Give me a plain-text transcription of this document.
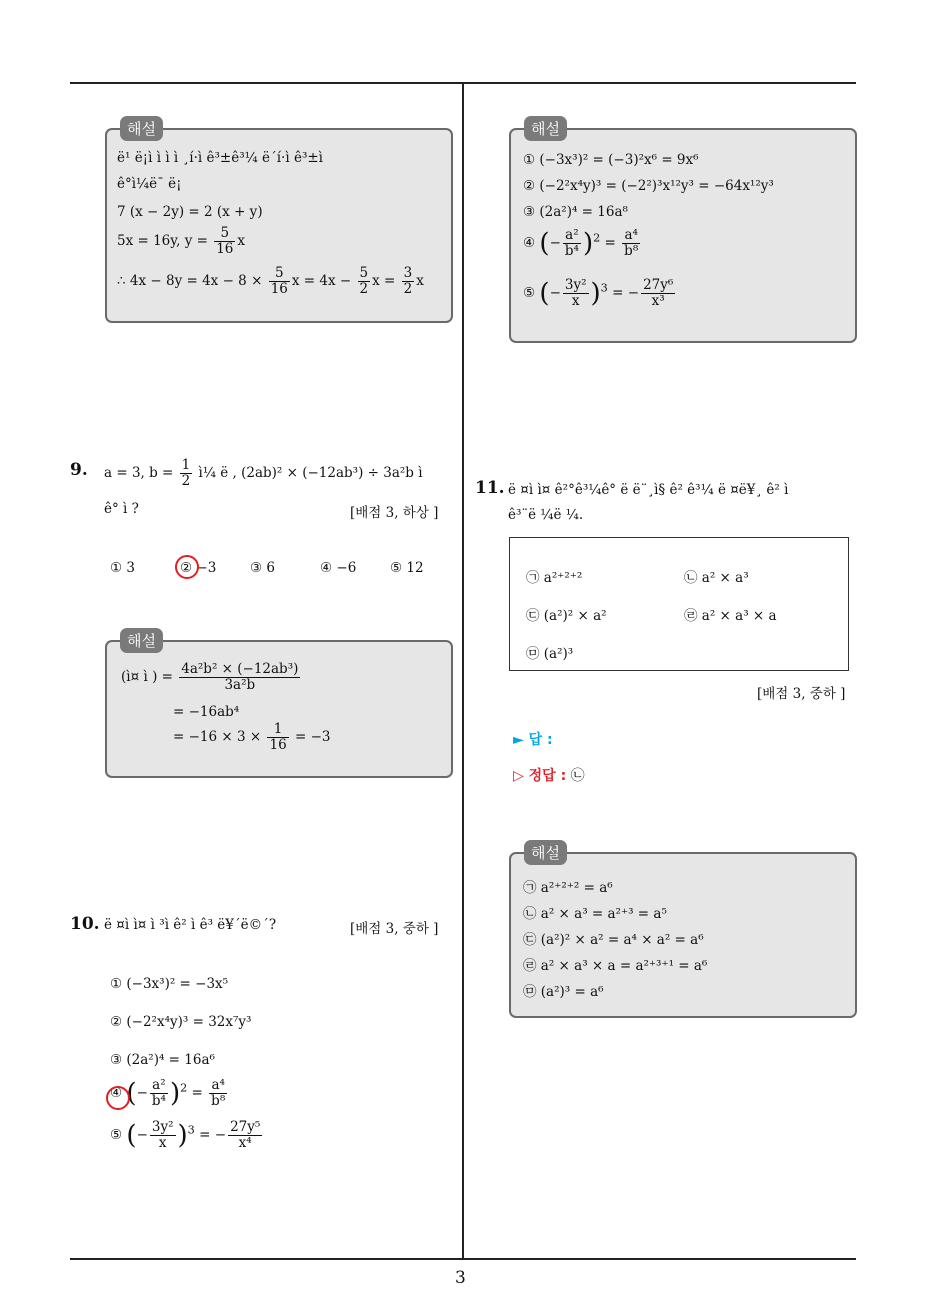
3
ë¹ ë¡ì ì ì ì ¸í·ì ê³±ê³¼ ë´í·ì ê³±ì
ê°ì¼ë¯ ë¡
7 (x − 2y) = 2 (x + y)
5x = 16y, $y = \frac{5}{16}$ x
∴ $4x - 8y = 4x - 8 \times \frac{5}{16}$ $x = 4x - \frac{5}{2}$ $x = \frac{3}{2}$ x
해설
9. a = 3, $b = \frac{1}{2}$ ì¼ ë , (2ab)² × (−12ab³) ÷ 3a²b ì
ê° ì ?	[배점 3, 하상 ]
① 3	② −3 ③ 6	④ −6 ⑤ 12
(ì¤ ì ) = $\frac{\text{4a²b² × (−12ab³)}}{\text{3a²b}}$
= −16ab⁴
= $-16 \times 3 \times \frac{1}{16} = -3$
해설
10. ë ¤ì ì¤ ì ³ì ê² ì ê³ ë¥´ë©´?	[배점 3, 중하 ]
① (−3x³)² = −3x⁵
② (−2²x⁴y)³ = 32x⁷y³
③ (2a²)⁴ = 16a⁶
④ (− $\frac{\text{a²}}{\text{b⁴}} )^2 = \frac{\text{a⁴}}{\text{b⁸}}$
⑤ (− $\frac{\text{3y²}}{x} )^3$ = − $\frac{\text{27y⁵}}{\text{x⁴}}$
① (−3x³)² = (−3)²x⁶ = 9x⁶
② (−2²x⁴y)³ = (−2²)³x¹²y³ = −64x¹²y³
③ (2a²)⁴ = 16a⁸
④ (− $\frac{\text{a²}}{\text{b⁴}} )^2 = \frac{\text{a⁴}}{\text{b⁸}}$
⑤ (− $\frac{\text{3y²}}{x} )^3$ = − $\frac{\text{27y⁶}}{\text{x³}}$
해설
11. ë ¤ì ì¤ ê²°ê³¼ê° ë ë¨¸ì§ ê² ê³¼ ë ¤ë¥¸ ê² ì
ê³¨ë ¼ë ¼.
㉠ a²⁺²⁺²	㉡ a² × a³
㉢ (a²)² × a²	㉣ a² × a³ × a
㉤ (a²)³
[배점 3, 중하 ]
► 답 :
▷ 정답 : ㉡
㉠ a²⁺²⁺² = a⁶
㉡ a² × a³ = a²⁺³ = a⁵
㉢ (a²)² × a² = a⁴ × a² = a⁶
㉣ a² × a³ × a = a²⁺³⁺¹ = a⁶
㉤ (a²)³ = a⁶
해설
